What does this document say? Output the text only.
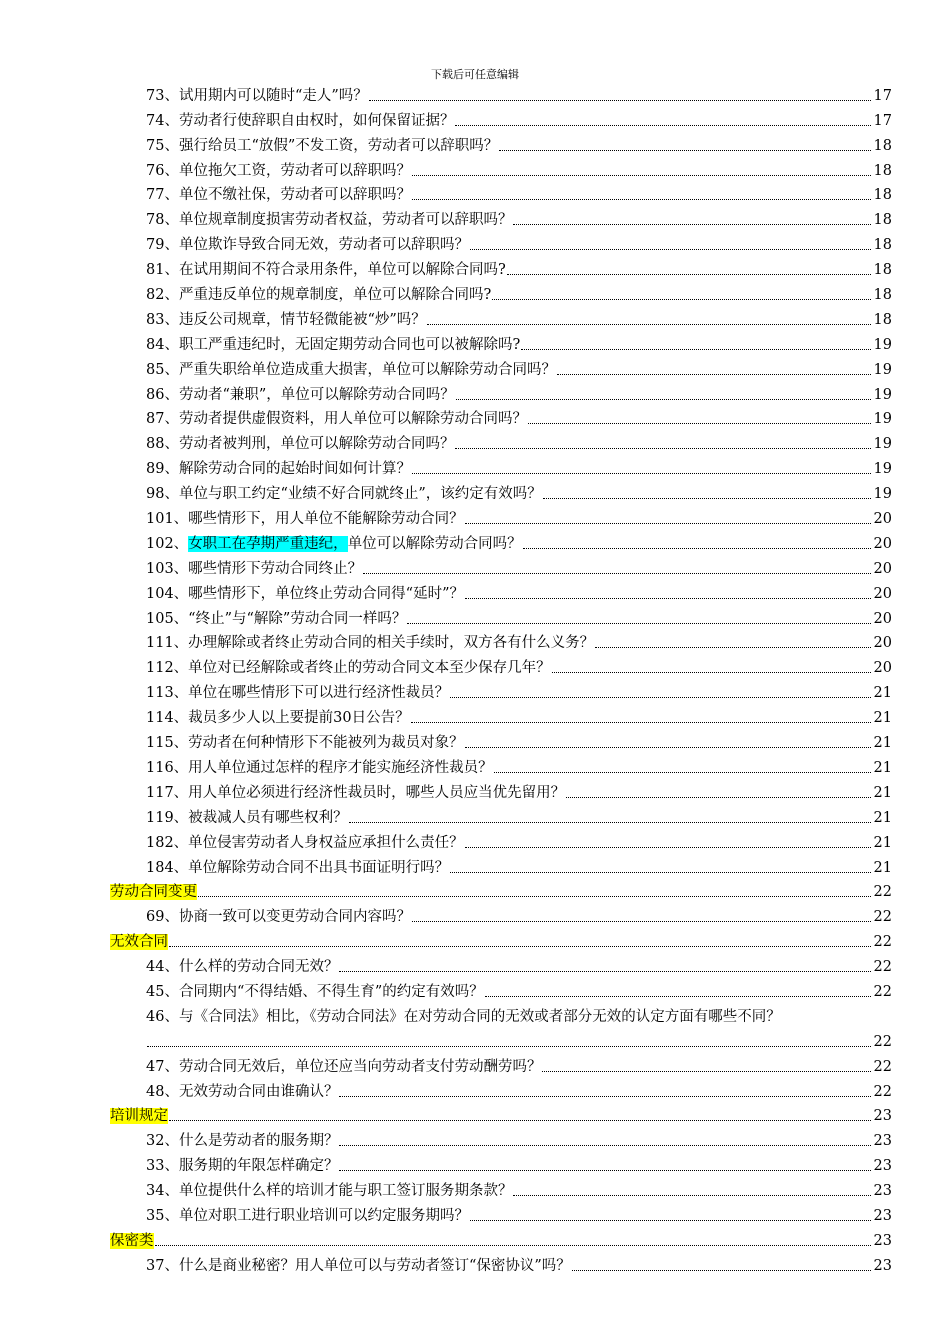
下载后可任意编辑
73、试用期内可以随时“走人”吗？	17
74、劳动者行使辞职自由权时，如何保留证据？	17
75、强行给员工“放假”不发工资，劳动者可以辞职吗？	18
76、单位拖欠工资，劳动者可以辞职吗？	18
77、单位不缴社保，劳动者可以辞职吗？	18
78、单位规章制度损害劳动者权益，劳动者可以辞职吗？	18
79、单位欺诈导致合同无效，劳动者可以辞职吗？	18
81、在试用期间不符合录用条件，单位可以解除合同吗?	18
82、严重违反单位的规章制度，单位可以解除合同吗?	18
83、违反公司规章，情节轻微能被“炒”吗？	18
84、职工严重违纪时，无固定期劳动合同也可以被解除吗?	19
85、严重失职给单位造成重大损害，单位可以解除劳动合同吗？	19
86、劳动者“兼职”，单位可以解除劳动合同吗？	19
87、劳动者提供虚假资料，用人单位可以解除劳动合同吗？	19
88、劳动者被判刑，单位可以解除劳动合同吗？	19
89、解除劳动合同的起始时间如何计算？	19
98、单位与职工约定“业绩不好合同就终止”，该约定有效吗？	19
101、哪些情形下，用人单位不能解除劳动合同？	20
102、女职工在孕期严重违纪，单位可以解除劳动合同吗？	20
103、哪些情形下劳动合同终止？	20
104、哪些情形下，单位终止劳动合同得“延时”？	20
105、“终止”与“解除”劳动合同一样吗？	20
111、办理解除或者终止劳动合同的相关手续时，双方各有什么义务？	20
112、单位对已经解除或者终止的劳动合同文本至少保存几年？	20
113、单位在哪些情形下可以进行经济性裁员？	21
114、裁员多少人以上要提前30日公告？	21
115、劳动者在何种情形下不能被列为裁员对象？	21
116、用人单位通过怎样的程序才能实施经济性裁员？	21
117、用人单位必须进行经济性裁员时，哪些人员应当优先留用？	21
119、被裁减人员有哪些权利？	21
182、单位侵害劳动者人身权益应承担什么责任？	21
184、单位解除劳动合同不出具书面证明行吗？	21
劳动合同变更	22
69、协商一致可以变更劳动合同内容吗？	22
无效合同	22
44、什么样的劳动合同无效？	22
45、合同期内“不得结婚、不得生育”的约定有效吗？	22
46、与《合同法》相比，《劳动合同法》在对劳动合同的无效或者部分无效的认定方面有哪些不同？
22
47、劳动合同无效后，单位还应当向劳动者支付劳动酬劳吗？	22
48、无效劳动合同由谁确认？	22
培训规定	23
32、什么是劳动者的服务期？	23
33、服务期的年限怎样确定？	23
34、单位提供什么样的培训才能与职工签订服务期条款？	23
35、单位对职工进行职业培训可以约定服务期吗？	23
保密类	23
37、什么是商业秘密？用人单位可以与劳动者签订“保密协议”吗？	23
